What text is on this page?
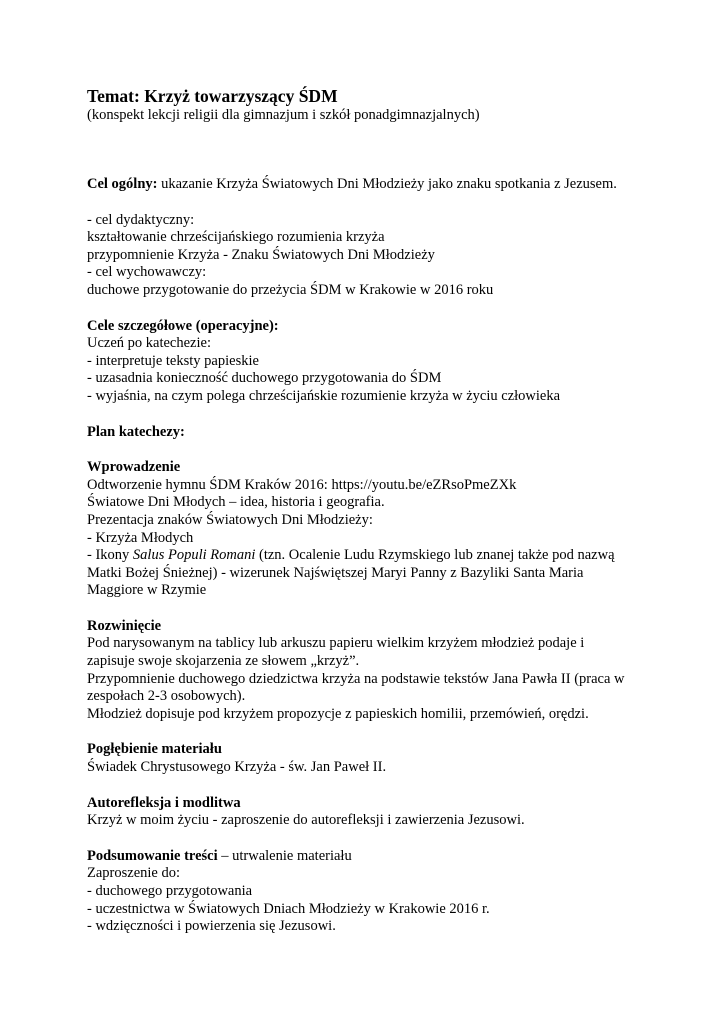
Temat: Krzyż towarzyszący ŚDM

(konspekt lekcji religii dla gimnazjum i szkół ponadgimnazjalnych)

Cel ogólny: ukazanie Krzyża Światowych Dni Młodzieży jako znaku spotkania z Jezusem.

- cel dydaktyczny:

kształtowanie chrześcijańskiego rozumienia krzyża

przypomnienie Krzyża - Znaku Światowych Dni Młodzieży

- cel wychowawczy:

duchowe przygotowanie do przeżycia ŚDM w Krakowie w 2016 roku

Cele szczegółowe (operacyjne):

Uczeń po katechezie:

- interpretuje teksty papieskie

- uzasadnia konieczność duchowego przygotowania do ŚDM

- wyjaśnia, na czym polega chrześcijańskie rozumienie krzyża w życiu człowieka

Plan katechezy:

Wprowadzenie

Odtworzenie hymnu ŚDM Kraków 2016: https://youtu.be/eZRsoPmeZXk

Światowe Dni Młodych – idea, historia i geografia.

Prezentacja znaków Światowych Dni Młodzieży:

- Krzyża Młodych

- Ikony Salus Populi Romani (tzn. Ocalenie Ludu Rzymskiego lub znanej także pod nazwą

Matki Bożej Śnieżnej) - wizerunek Najświętszej Maryi Panny z Bazyliki Santa Maria

Maggiore w Rzymie

Rozwinięcie

Pod narysowanym na tablicy lub arkuszu papieru wielkim krzyżem młodzież podaje i

zapisuje swoje skojarzenia ze słowem „krzyż”.

Przypomnienie duchowego dziedzictwa krzyża na podstawie tekstów Jana Pawła II (praca w

zespołach 2-3 osobowych).

Młodzież dopisuje pod krzyżem propozycje z papieskich homilii, przemówień, orędzi.

Pogłębienie materiału

Świadek Chrystusowego Krzyża - św. Jan Paweł II.

Autorefleksja i modlitwa

Krzyż w moim życiu - zaproszenie do autorefleksji i zawierzenia Jezusowi.

Podsumowanie treści – utrwalenie materiału

Zaproszenie do:

- duchowego przygotowania

- uczestnictwa w Światowych Dniach Młodzieży w Krakowie 2016 r.

- wdzięczności i powierzenia się Jezusowi.
